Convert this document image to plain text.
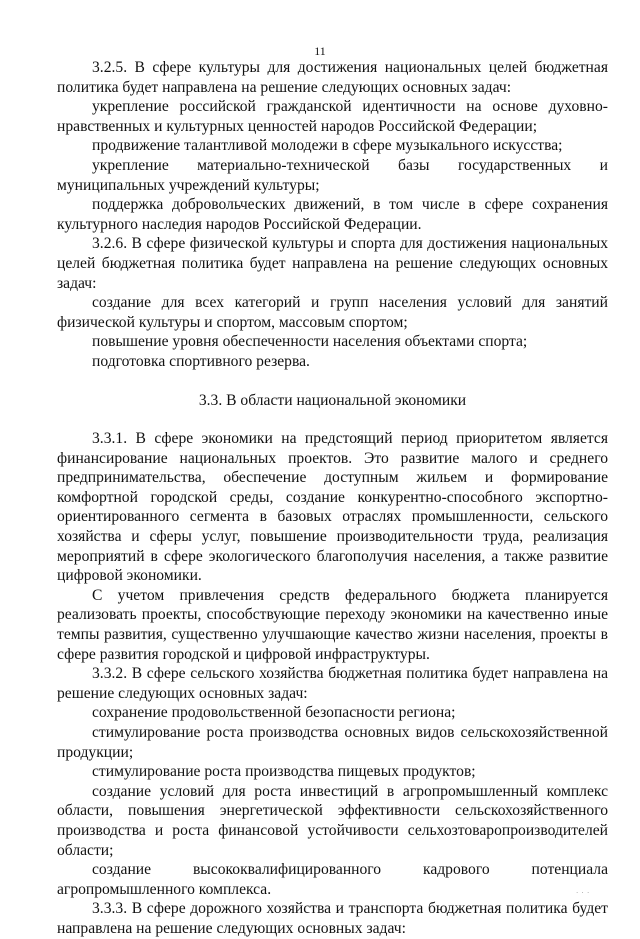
11

3.2.5. В сфере культуры для достижения национальных целей бюджетная политика будет направлена на решение следующих основных задач:

укрепление российской гражданской идентичности на основе духовно-нравственных и культурных ценностей народов Российской Федерации;

продвижение талантливой молодежи в сфере музыкального искусства;

укрепление материально-технической базы государственных и муниципальных учреждений культуры;

поддержка добровольческих движений, в том числе в сфере сохранения культурного наследия народов Российской Федерации.

3.2.6. В сфере физической культуры и спорта для достижения национальных целей бюджетная политика будет направлена на решение следующих основных задач:

создание для всех категорий и групп населения условий для занятий физической культуры и спортом, массовым спортом;

повышение уровня обеспеченности населения объектами спорта;

подготовка спортивного резерва.

3.3. В области национальной экономики

3.3.1. В сфере экономики на предстоящий период приоритетом является финансирование национальных проектов. Это развитие малого и среднего предпринимательства, обеспечение доступным жильем и формирование комфортной городской среды, создание конкурентно-способного экспортно-ориентированного сегмента в базовых отраслях промышленности, сельского хозяйства и сферы услуг, повышение производительности труда, реализация мероприятий в сфере экологического благополучия населения, а также развитие цифровой экономики.

С учетом привлечения средств федерального бюджета планируется реализовать проекты, способствующие переходу экономики на качественно иные темпы развития, существенно улучшающие качество жизни населения, проекты в сфере развития городской и цифровой инфраструктуры.

3.3.2. В сфере сельского хозяйства бюджетная политика будет направлена на решение следующих основных задач:

сохранение продовольственной безопасности региона;

стимулирование роста производства основных видов сельскохозяйственной продукции;

стимулирование роста производства пищевых продуктов;

создание условий для роста инвестиций в агропромышленный комплекс области, повышения энергетической эффективности сельскохозяйственного производства и роста финансовой устойчивости сельхозтоваропроизводителей области;

создание высококвалифицированного кадрового потенциала агропромышленного комплекса.

3.3.3. В сфере дорожного хозяйства и транспорта бюджетная политика будет направлена на решение следующих основных задач:

. . .
